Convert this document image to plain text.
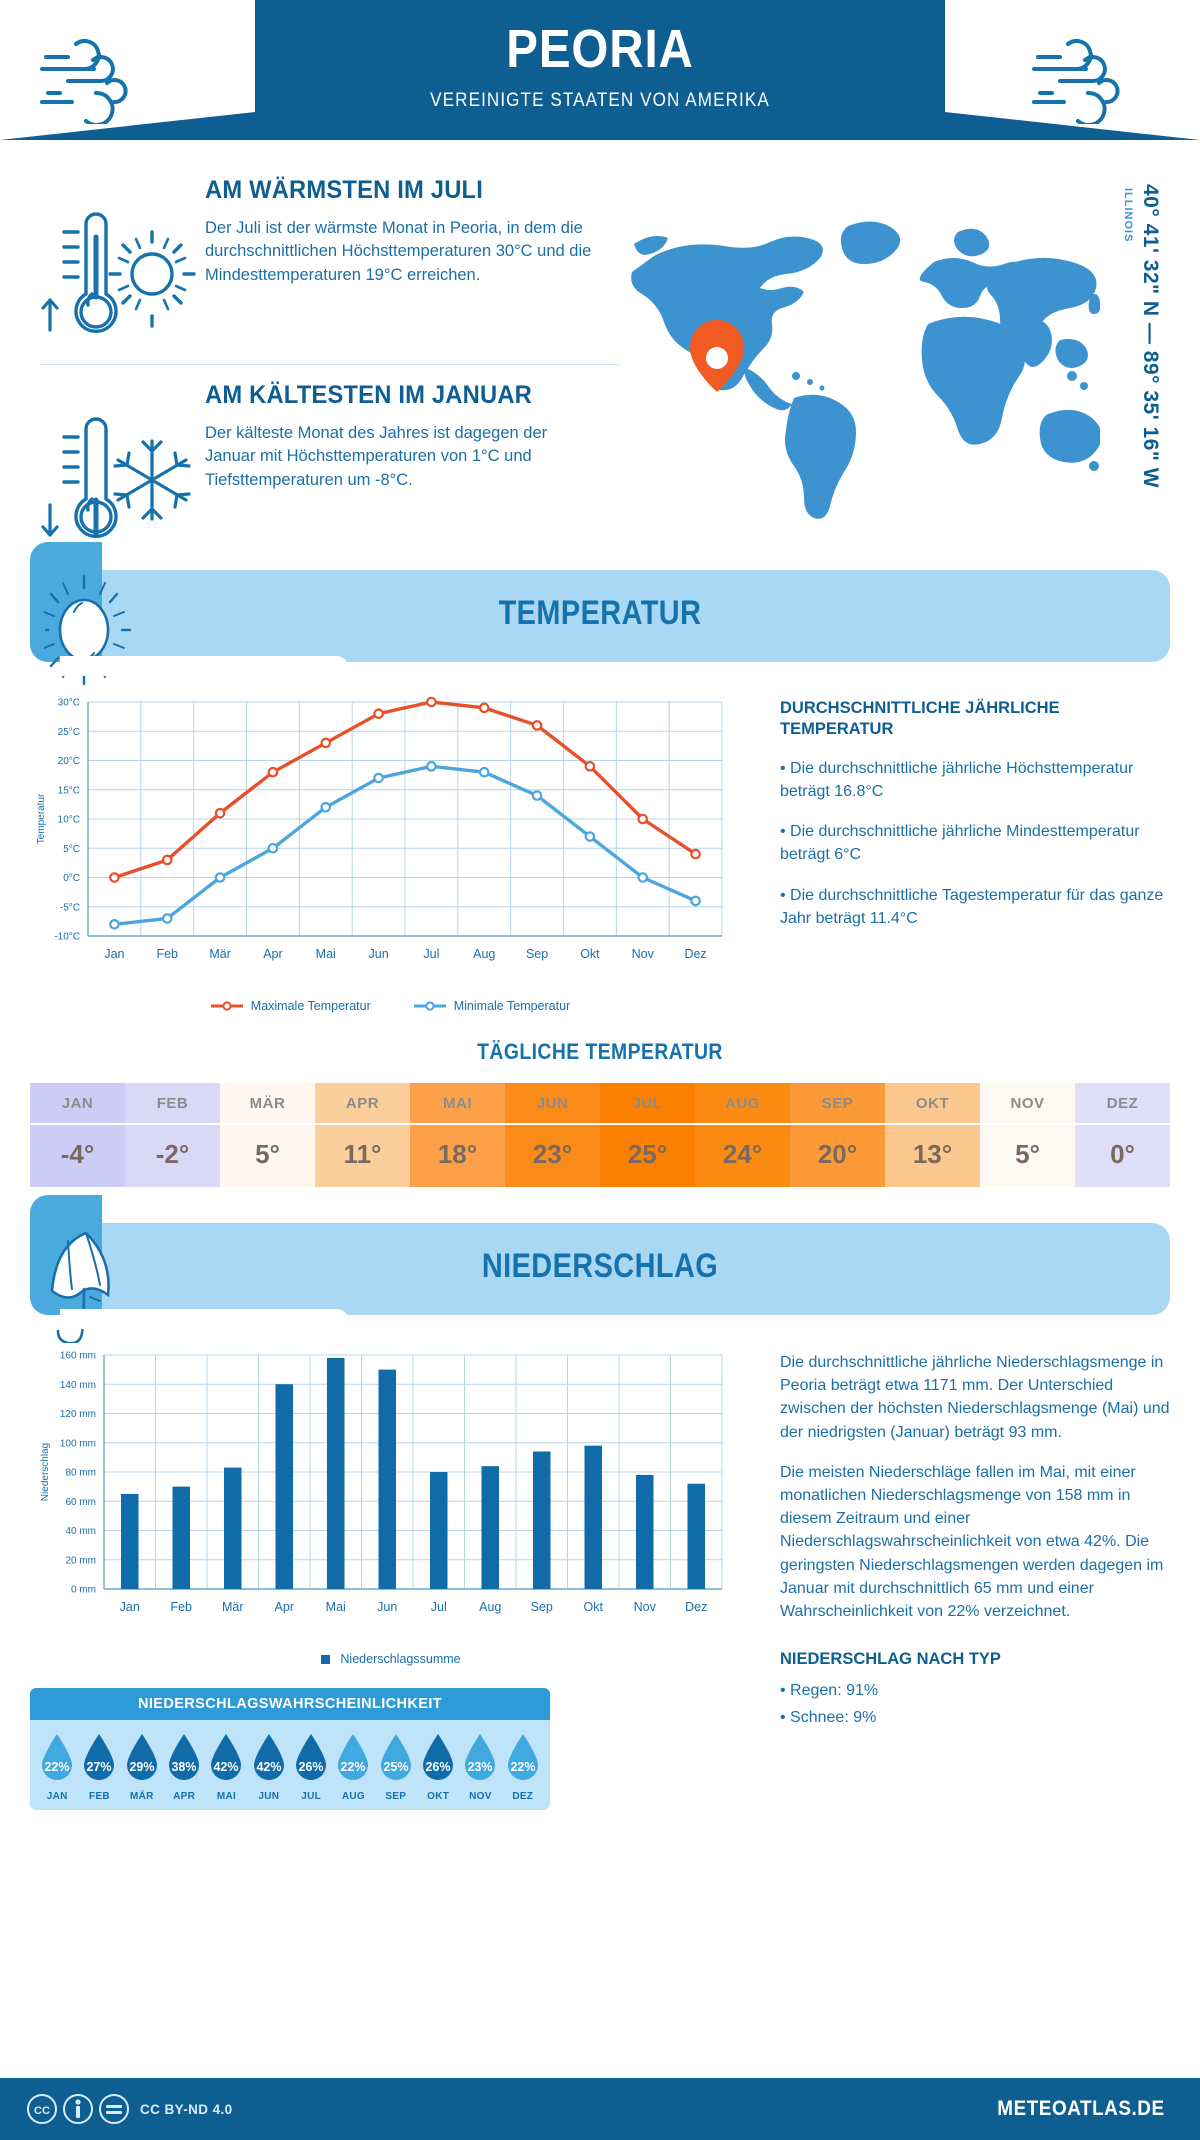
PEORIA
VEREINIGTE STAATEN VON AMERIKA
AM WÄRMSTEN IM JULI
Der Juli ist der wärmste Monat in Peoria, in dem die durchschnittlichen Höchsttemperaturen 30°C und die Mindesttemperaturen 19°C erreichen.
AM KÄLTESTEN IM JANUAR
Der kälteste Monat des Jahres ist dagegen der Januar mit Höchsttemperaturen von 1°C und Tiefsttemperaturen um -8°C.
ILLINOIS 40° 41' 32" N — 89° 35' 16" W
TEMPERATUR
Temperatur
-10°C
-5°C
0°C
5°C
10°C
15°C
20°C
25°C
30°C
Jan	Feb	Mär	Apr	Mai	Jun	Jul	Aug Sep	Okt	Nov Dez
Maximale Temperatur	Minimale Temperatur
DURCHSCHNITTLICHE JÄHRLICHE TEMPERATUR
• Die durchschnittliche jährliche Höchsttemperatur beträgt 16.8°C
• Die durchschnittliche jährliche Mindesttemperatur beträgt 6°C
• Die durchschnittliche Tagestemperatur für das ganze Jahr beträgt 11.4°C
TÄGLICHE TEMPERATUR
JAN
-4°
FEB
-2°
MÄR
5°
APR
11°
MAI
18°
JUN
23°
JUL
25°
AUG
24°
SEP
20°
OKT
13°
NOV
5°
DEZ
0°
NIEDERSCHLAG
Niederschlag
0 mm
20 mm
40 mm
60 mm
80 mm
100 mm
120 mm
140 mm
160 mm
Jan Feb Mär Apr	Mai	Jun	Jul	Aug Sep Okt Nov Dez
Niederschlagssumme
NIEDERSCHLAGSWAHRSCHEINLICHKEIT
22%
JAN
27%
FEB
29%
MÄR
38%
APR
42%
MAI
42%
JUN
26%
JUL
22%
AUG
25%
SEP
26%
OKT
23%
NOV
22%
DEZ
Die durchschnittliche jährliche Niederschlagsmenge in Peoria beträgt etwa 1171 mm. Der Unterschied zwischen der höchsten Niederschlagsmenge (Mai) und der niedrigsten (Januar) beträgt 93 mm.
Die meisten Niederschläge fallen im Mai, mit einer monatlichen Niederschlagsmenge von 158 mm in diesem Zeitraum und einer Niederschlagswahrscheinlichkeit von etwa 42%. Die geringsten Niederschlagsmengen werden dagegen im Januar mit durchschnittlich 65 mm und einer Wahrscheinlichkeit von 22% verzeichnet.
NIEDERSCHLAG NACH TYP
• Regen: 91%
• Schnee: 9%
CC	CC BY-ND 4.0	METEOATLAS.DE
